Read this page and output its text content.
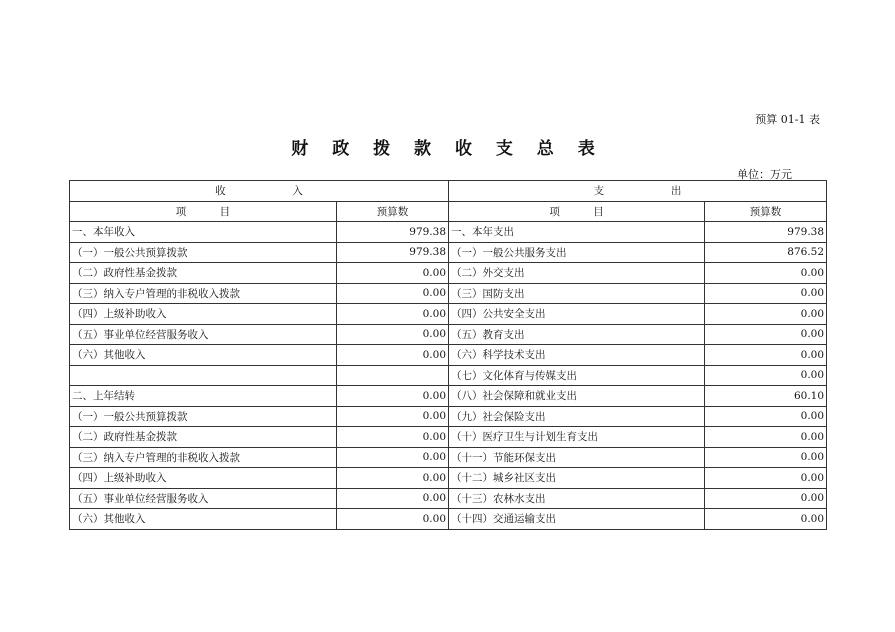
预算 01-1 表
财 政 拨 款 收 支 总 表
单位：万元
收                    入		支                    出	
项          目	预算数	项          目	预算数
一、本年收入	979.38	一、本年支出	979.38
（一）一般公共预算拨款	979.38	（一）一般公共服务支出	876.52
（二）政府性基金拨款	0.00	（二）外交支出	0.00
（三）纳入专户管理的非税收入拨款	0.00	（三）国防支出	0.00
（四）上级补助收入	0.00	（四）公共安全支出	0.00
（五）事业单位经营服务收入	0.00	（五）教育支出	0.00
（六）其他收入	0.00	（六）科学技术支出	0.00
		（七）文化体育与传媒支出	0.00
二、上年结转	0.00	（八）社会保障和就业支出	60.10
（一）一般公共预算拨款	0.00	（九）社会保险支出	0.00
（二）政府性基金拨款	0.00	（十）医疗卫生与计划生育支出	0.00
（三）纳入专户管理的非税收入拨款	0.00	（十一）节能环保支出	0.00
（四）上级补助收入	0.00	（十二）城乡社区支出	0.00
（五）事业单位经营服务收入	0.00	（十三）农林水支出	0.00
（六）其他收入	0.00	（十四）交通运输支出	0.00
